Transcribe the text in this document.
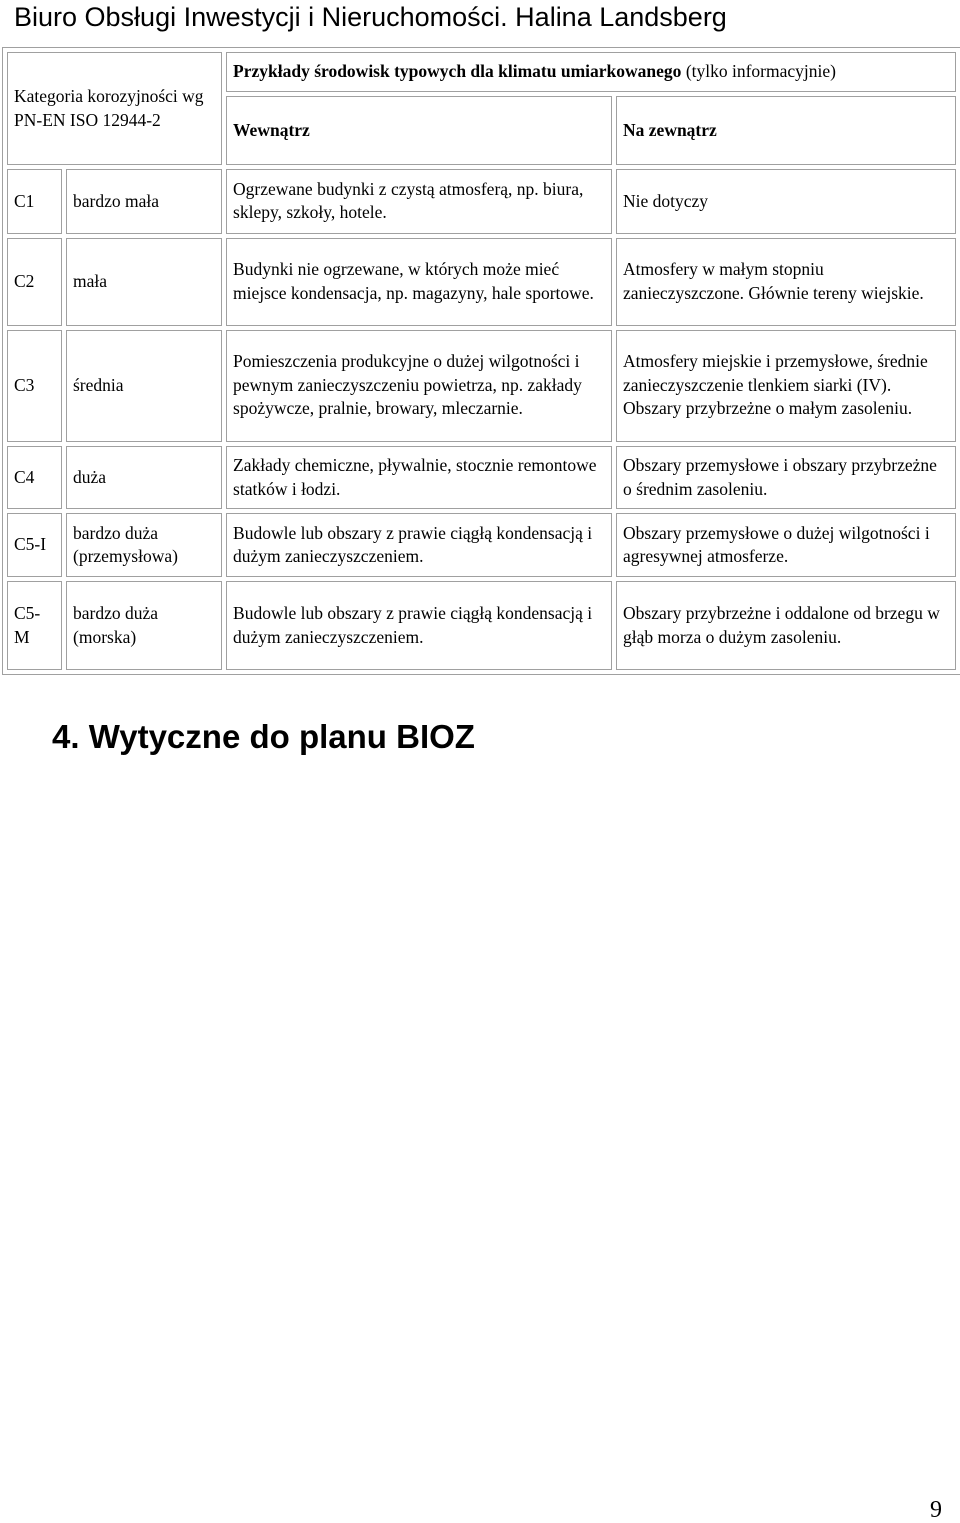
Biuro Obsługi Inwestycji i Nieruchomości. Halina Landsberg
Kategoria korozyjności wg PN-EN ISO 12944-2		Przykłady środowisk typowych dla klimatu umiarkowanego (tylko informacyjnie)	
		Wewnątrz	Na zewnątrz
C1	bardzo mała	Ogrzewane budynki z czystą atmosferą, np. biura, sklepy, szkoły, hotele.	Nie dotyczy
C2	mała	Budynki nie ogrzewane, w których może mieć miejsce kondensacja, np. magazyny, hale sportowe.	Atmosfery w małym stopniu zanieczyszczone. Głównie tereny wiejskie.
C3	średnia	Pomieszczenia produkcyjne o dużej wilgotności i pewnym zanieczyszczeniu powietrza, np. zakłady spożywcze, pralnie, browary, mleczarnie.	Atmosfery miejskie i przemysłowe, średnie zanieczyszczenie tlenkiem siarki (IV). Obszary przybrzeżne o małym zasoleniu.
C4	duża	Zakłady chemiczne, pływalnie, stocznie remontowe statków i łodzi.	Obszary przemysłowe i obszary przybrzeżne o średnim zasoleniu.
C5-I	bardzo duża (przemysłowa)	Budowle lub obszary z prawie ciągłą kondensacją i dużym zanieczyszczeniem.	Obszary przemysłowe o dużej wilgotności i agresywnej atmosferze.
C5-M	bardzo duża (morska)	Budowle lub obszary z prawie ciągłą kondensacją i dużym zanieczyszczeniem.	Obszary przybrzeżne i oddalone od brzegu w głąb morza o dużym zasoleniu.
4. Wytyczne do planu BIOZ
9
